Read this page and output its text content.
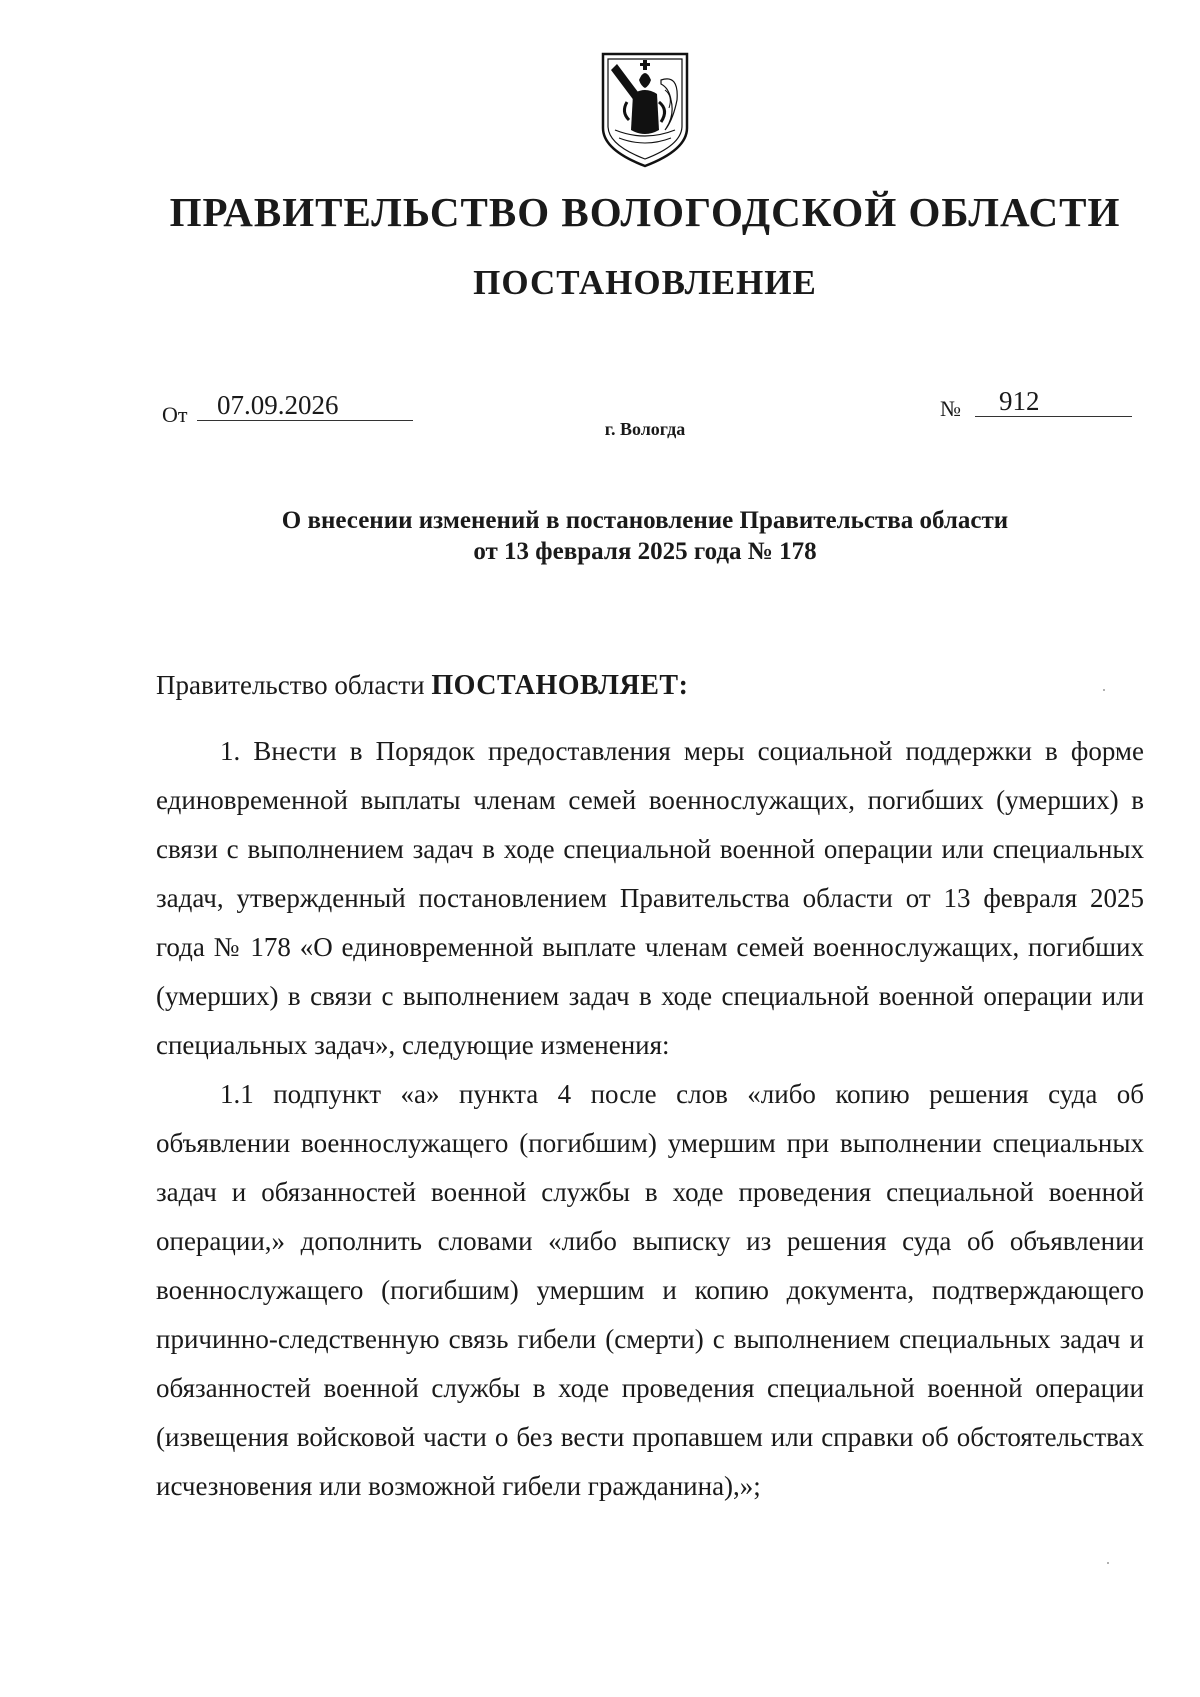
ПРАВИТЕЛЬСТВО ВОЛОГОДСКОЙ ОБЛАСТИ
ПОСТАНОВЛЕНИЕ
От	07.09.2026	№	912
г. Вологда
О внесении изменений в постановление Правительства области
от 13 февраля 2025 года № 178
Правительство области ПОСТАНОВЛЯЕТ:

1. Внести в Порядок предоставления меры социальной поддержки в форме единовременной выплаты членам семей военнослужащих, погибших (умерших) в связи с выполнением задач в ходе специальной военной операции или специальных задач, утвержденный постановлением Правительства области от 13 февраля 2025 года № 178 «О единовременной выплате членам семей военнослужащих, погибших (умерших) в связи с выполнением задач в ходе специальной военной операции или специальных задач», следующие изменения:

1.1 подпункт «а» пункта 4 после слов «либо копию решения суда об объявлении военнослужащего (погибшим) умершим при выполнении специальных задач и обязанностей военной службы в ходе проведения специальной военной операции,» дополнить словами «либо выписку из решения суда об объявлении военнослужащего (погибшим) умершим и копию документа, подтверждающего причинно-следственную связь гибели (смерти) с выполнением специальных задач и обязанностей военной службы в ходе проведения специальной военной операции (извещения войсковой части о без вести пропавшем или справки об обстоятельствах исчезновения или возможной гибели гражданина),»;
